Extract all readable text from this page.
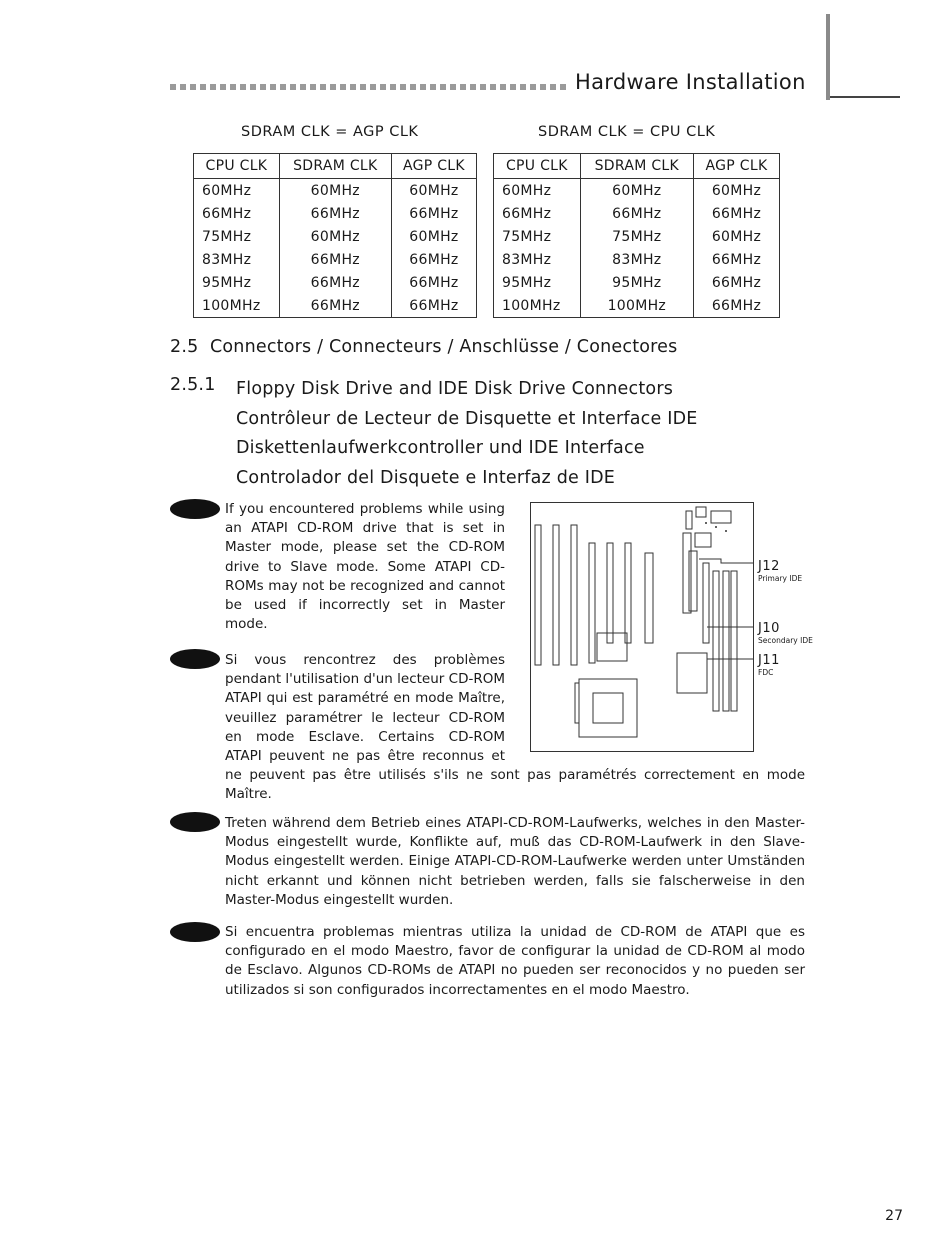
Hardware Installation
SDRAM CLK = AGP CLK	SDRAM CLK = CPU CLK
CPU CLK	SDRAM CLK	AGP CLK
60MHz	60MHz	60MHz
66MHz	66MHz	66MHz
75MHz	60MHz	60MHz
83MHz	66MHz	66MHz
95MHz	66MHz	66MHz
100MHz	66MHz	66MHz
CPU CLK	SDRAM CLK	AGP CLK
60MHz	60MHz	60MHz
66MHz	66MHz	66MHz
75MHz	75MHz	60MHz
83MHz	83MHz	66MHz
95MHz	95MHz	66MHz
100MHz	100MHz	66MHz
2.5 Connectors / Connecteurs / Anschlüsse / Conectores
2.5.1 Floppy Disk Drive and IDE Disk Drive Connectors
Contrôleur de Lecteur de Disquette et Interface IDE
Diskettenlaufwerkcontroller und IDE Interface
Controlador del Disquete e Interfaz de IDE
If you encountered problems while using an ATAPI CD-ROM drive that is set in Master mode, please set the CD-ROM drive to Slave mode. Some ATAPI CD-ROMs may not be recognized and cannot be used if incorrectly set in Master mode.
Si vous rencontrez des problèmes pendant l'utilisation d'un lecteur CD-ROM ATAPI qui est paramétré en mode Maître, veuillez paramétrer le lecteur CD-ROM en mode Esclave. Certains CD-ROM ATAPI peuvent ne pas être reconnus et ne peuvent pas être utilisés s'ils ne sont pas paramétrés correctement en mode Maître.
Treten während dem Betrieb eines ATAPI-CD-ROM-Laufwerks, welches in den Master-Modus eingestellt wurde, Konflikte auf, muß das CD-ROM-Laufwerk in den Slave-Modus eingestellt werden. Einige ATAPI-CD-ROM-Laufwerke werden unter Umständen nicht erkannt und können nicht betrieben werden, falls sie falscherweise in den Master-Modus eingestellt wurden.
Si encuentra problemas mientras utiliza la unidad de CD-ROM de ATAPI que es configurado en el modo Maestro, favor de configurar la unidad de CD-ROM al modo de Esclavo. Algunos CD-ROMs de ATAPI no pueden ser reconocidos y no pueden ser utilizados si son configurados incorrectamentes en el modo Maestro.
J12
Primary IDE
J10
Secondary IDE
J11
FDC
27
